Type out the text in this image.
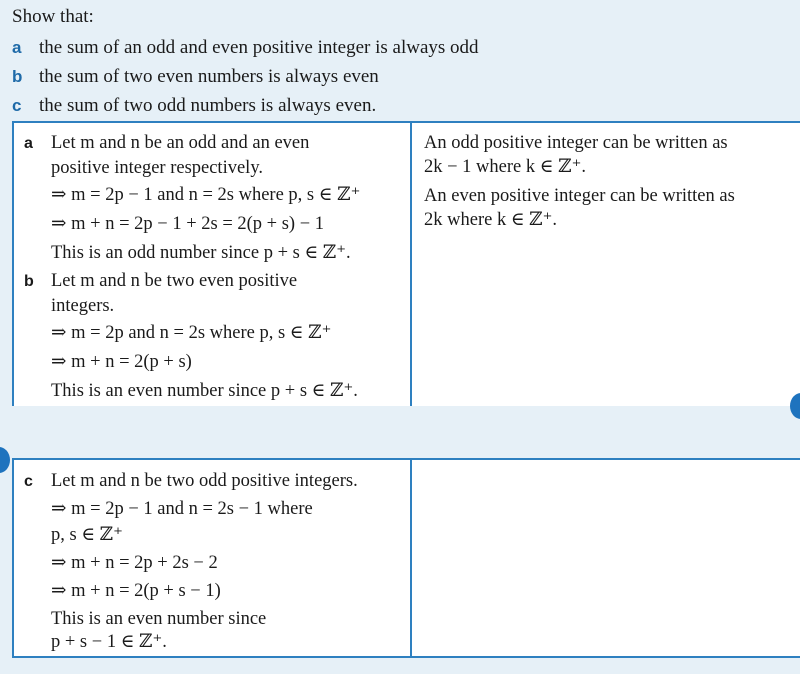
Show that:
a the sum of an odd and even positive integer is always odd
b the sum of two even numbers is always even
c the sum of two odd numbers is always even.
a Let m and n be an odd and an even
positive integer respectively.
⇒ m = 2p − 1 and n = 2s where p, s ∈ ℤ⁺
⇒ m + n = 2p − 1 + 2s = 2(p + s) − 1
This is an odd number since p + s ∈ ℤ⁺.
b Let m and n be two even positive
integers.
⇒ m = 2p and n = 2s where p, s ∈ ℤ⁺
⇒ m + n = 2(p + s)
This is an even number since p + s ∈ ℤ⁺.
An odd positive integer can be written as
2k − 1 where k ∈ ℤ⁺.
An even positive integer can be written as
2k where k ∈ ℤ⁺.
c Let m and n be two odd positive integers.
⇒ m = 2p − 1 and n = 2s − 1 where
p, s ∈ ℤ⁺
⇒ m + n = 2p + 2s − 2
⇒ m + n = 2(p + s − 1)
This is an even number since
p + s − 1 ∈ ℤ⁺.
